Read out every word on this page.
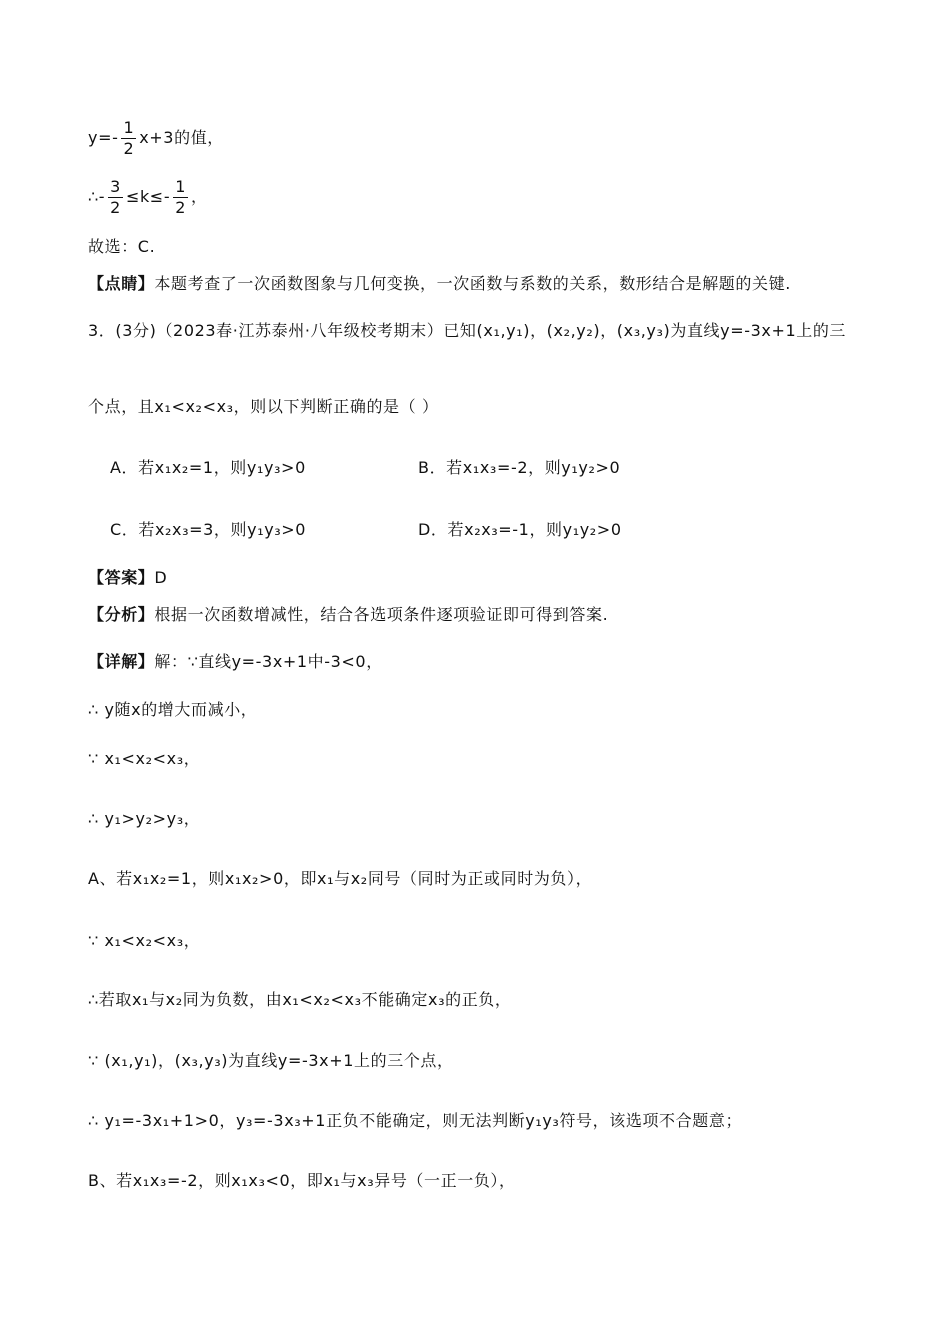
$y=- \frac{1}{2} x+3$的值，
∴- $\frac{3}{2} \le k\le- \frac{1}{2}$ ，
故选：C.
【点睛】本题考查了一次函数图象与几何变换，一次函数与系数的关系，数形结合是解题的关键.
3．(3分)（2023春·江苏泰州·八年级校考期末）已知(x₁,y₁)，(x₂,y₂)，(x₃,y₃)为直线y=-3x+1上的三
个点，且x₁<x₂<x₃，则以下判断正确的是（ ）
A．若x₁x₂=1，则y₁y₃>0	B．若x₁x₃=-2，则y₁y₂>0
C．若x₂x₃=3，则y₁y₃>0	D．若x₂x₃=-1，则y₁y₂>0
【答案】D
【分析】根据一次函数增减性，结合各选项条件逐项验证即可得到答案.
【详解】解：∵直线y=-3x+1中-3<0，
∴ y随x的增大而减小，
∵ x₁<x₂<x₃，
∴ y₁>y₂>y₃，
A、若x₁x₂=1，则x₁x₂>0，即x₁与x₂同号（同时为正或同时为负），
∵ x₁<x₂<x₃，
∴若取x₁与x₂同为负数，由x₁<x₂<x₃不能确定x₃的正负，
∵ (x₁,y₁)，(x₃,y₃)为直线y=-3x+1上的三个点，
∴ y₁=-3x₁+1>0，y₃=-3x₃+1正负不能确定，则无法判断y₁y₃符号，该选项不合题意；
B、若x₁x₃=-2，则x₁x₃<0，即x₁与x₃异号（一正一负），
